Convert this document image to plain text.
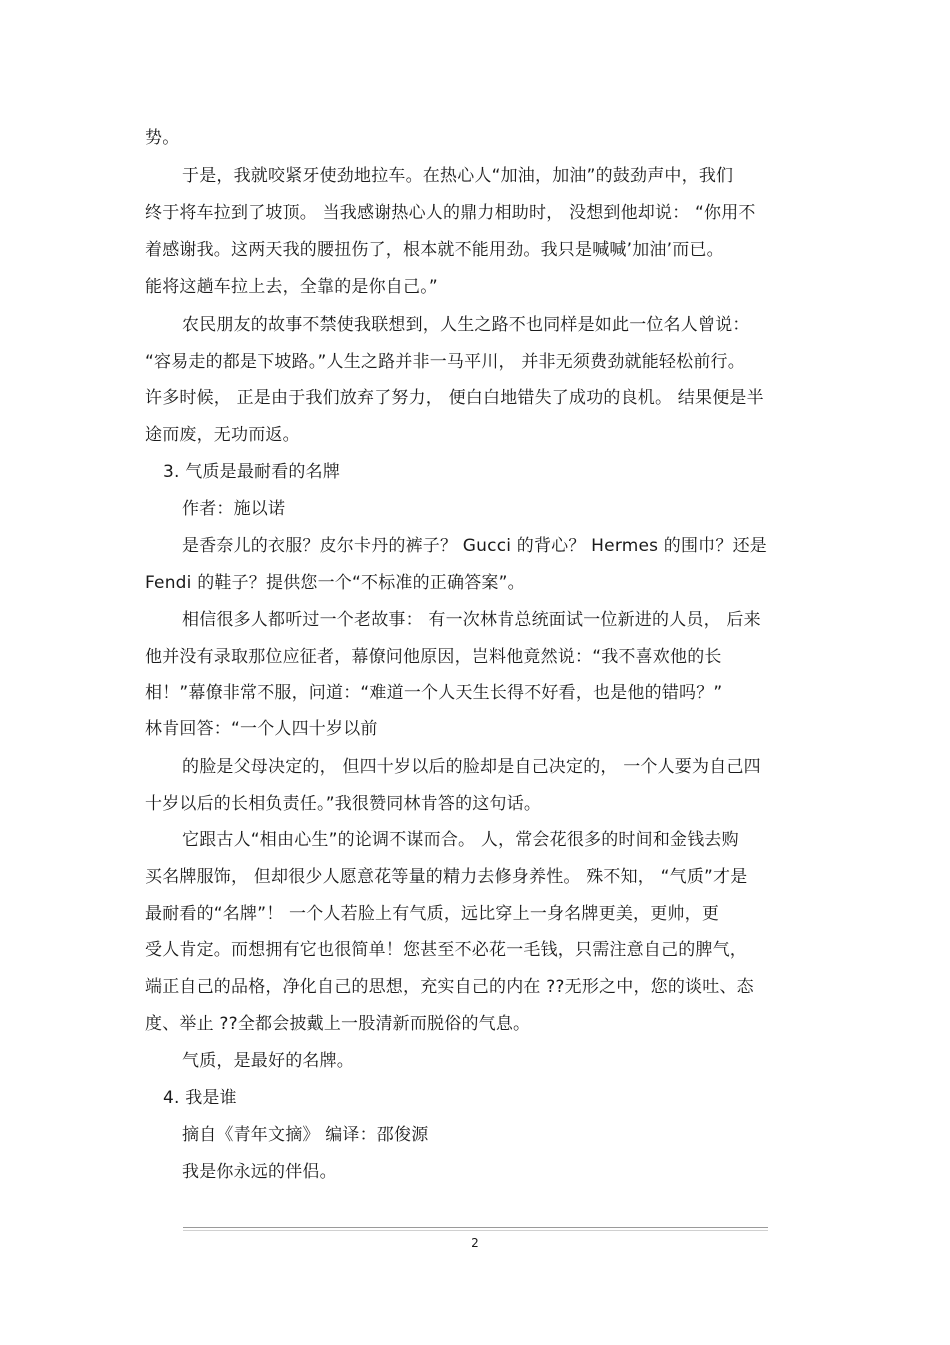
势。

于是，我就咬紧牙使劲地拉车。在热心人“加油，加油”的鼓劲声中，我们

终于将车拉到了坡顶。 当我感谢热心人的鼎力相助时， 没想到他却说： “你用不

着感谢我。这两天我的腰扭伤了，根本就不能用劲。我只是喊喊’加油’而已。

能将这趟车拉上去，全靠的是你自己。”

农民朋友的故事不禁使我联想到，人生之路不也同样是如此一位名人曾说：

“容易走的都是下坡路。”人生之路并非一马平川， 并非无须费劲就能轻松前行。

许多时候， 正是由于我们放弃了努力， 便白白地错失了成功的良机。 结果便是半

途而废，无功而返。

3. 气质是最耐看的名牌

作者：施以诺

是香奈儿的衣服？皮尔卡丹的裤子？ Gucci 的背心？ Hermes 的围巾？还是

Fendi 的鞋子？提供您一个“不标准的正确答案”。

相信很多人都听过一个老故事： 有一次林肯总统面试一位新进的人员， 后来

他并没有录取那位应征者，幕僚问他原因，岂料他竟然说：“我不喜欢他的长

相！”幕僚非常不服，问道：“难道一个人天生长得不好看，也是他的错吗？”

林肯回答：“一个人四十岁以前

的脸是父母决定的， 但四十岁以后的脸却是自己决定的， 一个人要为自己四

十岁以后的长相负责任。”我很赞同林肯答的这句话。

它跟古人“相由心生”的论调不谋而合。 人，常会花很多的时间和金钱去购

买名牌服饰， 但却很少人愿意花等量的精力去修身养性。 殊不知， “气质”才是

最耐看的“名牌”！ 一个人若脸上有气质，远比穿上一身名牌更美，更帅，更

受人肯定。而想拥有它也很简单！您甚至不必花一毛钱，只需注意自己的脾气，

端正自己的品格，净化自己的思想，充实自己的内在 ??无形之中，您的谈吐、态

度、举止 ??全都会披戴上一股清新而脱俗的气息。

气质，是最好的名牌。

4. 我是谁

摘自《青年文摘》 编译：邵俊源

我是你永远的伴侣。

2
